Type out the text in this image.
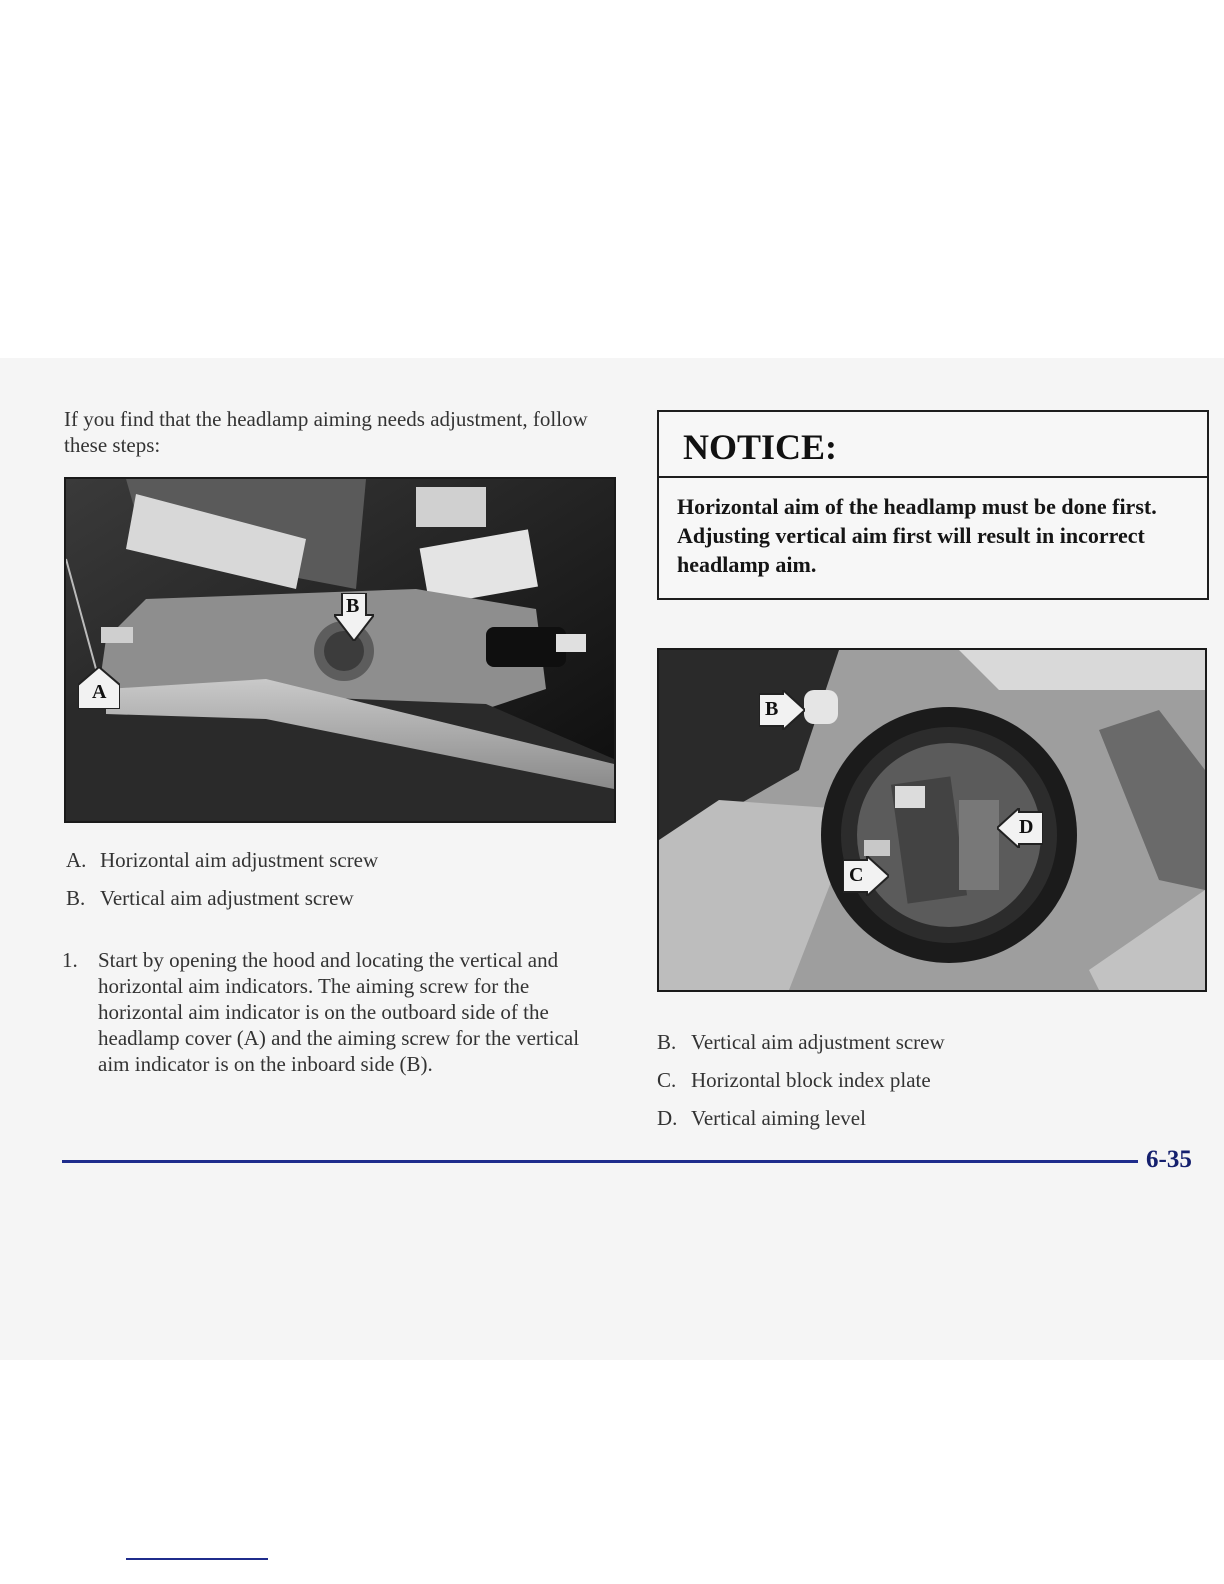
If you find that the headlamp aiming needs adjustment, follow these steps:

B
A
A. Horizontal aim adjustment screw
B. Vertical aim adjustment screw
1. Start by opening the hood and locating the vertical and horizontal aim indicators. The aiming screw for the horizontal aim indicator is on the outboard side of the headlamp cover (A) and the aiming screw for the vertical aim indicator is on the inboard side (B).
NOTICE:
Horizontal aim of the headlamp must be done first. Adjusting vertical aim first will result in incorrect headlamp aim.
B
C
D
B. Vertical aim adjustment screw
C. Horizontal block index plate
D. Vertical aiming level
6-35
